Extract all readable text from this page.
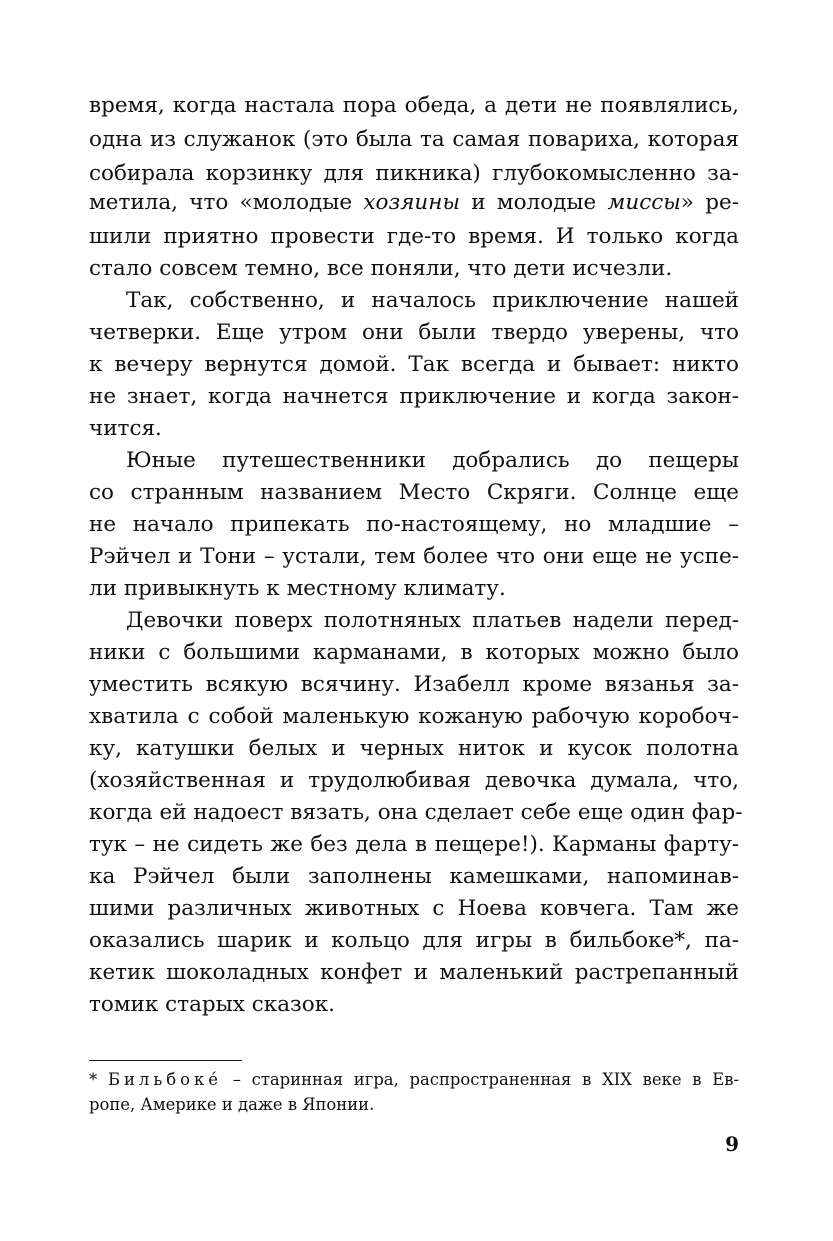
время, когда настала пора обеда, а дети не появлялись,
одна из служанок (это была та самая повариха, которая
собирала корзинку для пикника) глубокомысленно за-
метила, что «молодые хозяины и молодые миссы» ре-
шили приятно провести где-то время. И только когда
стало совсем темно, все поняли, что дети исчезли.
Так, собственно, и началось приключение нашей
четверки. Еще утром они были твердо уверены, что
к вечеру вернутся домой. Так всегда и бывает: никто
не знает, когда начнется приключение и когда закон-
чится.
Юные путешественники добрались до пещеры
со странным названием Место Скряги. Солнце еще
не начало припекать по-настоящему, но младшие –
Рэйчел и Тони – устали, тем более что они еще не успе-
ли привыкнуть к местному климату.
Девочки поверх полотняных платьев надели перед-
ники с большими карманами, в которых можно было
уместить всякую всячину. Изабелл кроме вязанья за-
хватила с собой маленькую кожаную рабочую коробоч-
ку, катушки белых и черных ниток и кусок полотна
(хозяйственная и трудолюбивая девочка думала, что,
когда ей надоест вязать, она сделает себе еще один фар-
тук – не сидеть же без дела в пещере!). Карманы фарту-
ка Рэйчел были заполнены камешками, напоминав-
шими различных животных с Ноева ковчега. Там же
оказались шарик и кольцо для игры в бильбоке*, па-
кетик шоколадных конфет и маленький растрепанный
томик старых сказок.
* Бильбоке́ – старинная игра, распространенная в XIX веке в Ев-
ропе, Америке и даже в Японии.
9
